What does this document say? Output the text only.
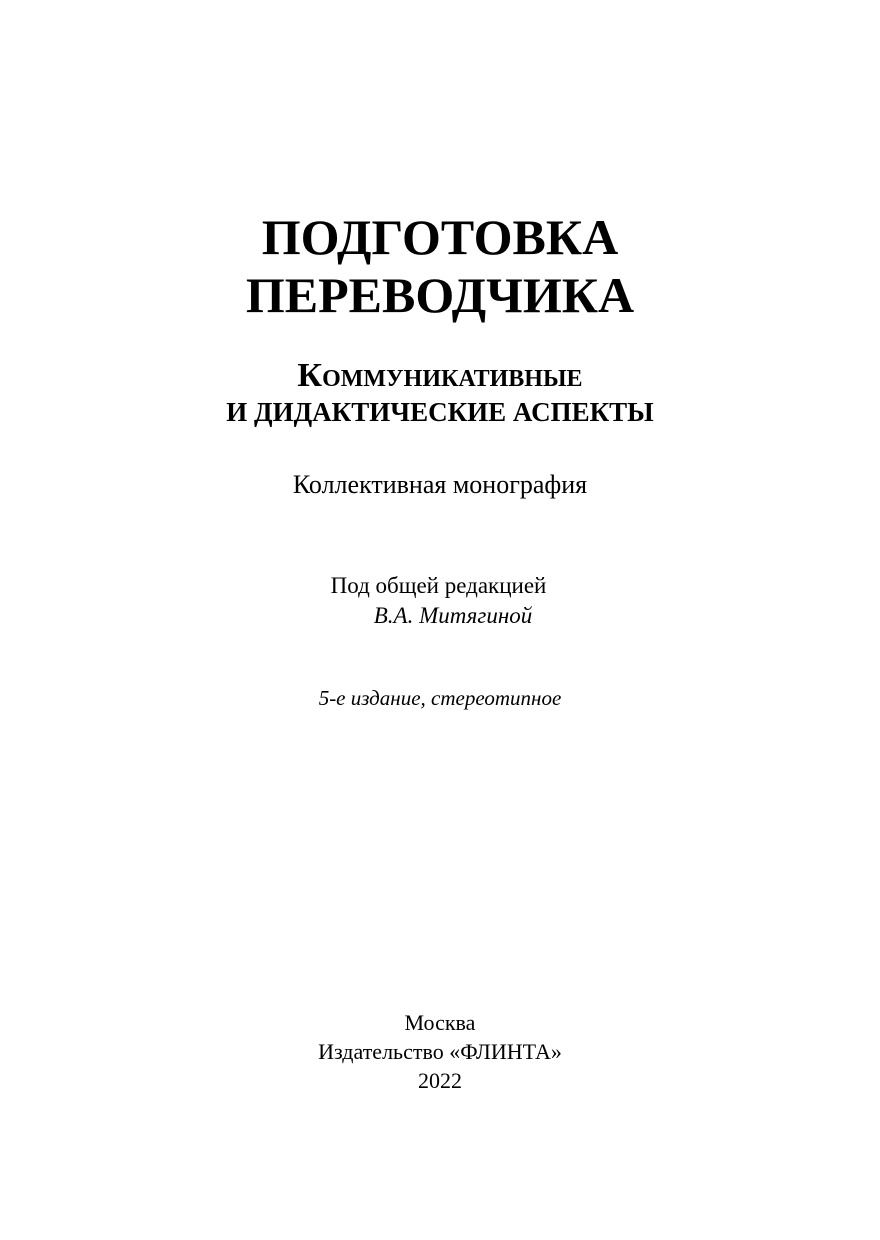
ПОДГОТОВКА
ПЕРЕВОДЧИКА
Коммуникативные
И ДИДАКТИЧЕСКИЕ АСПЕКТЫ
Коллективная монография
Под общей редакцией
В.А. Митягиной
5-е издание, стереотипное
Москва
Издательство «ФЛИНТА»
2022
